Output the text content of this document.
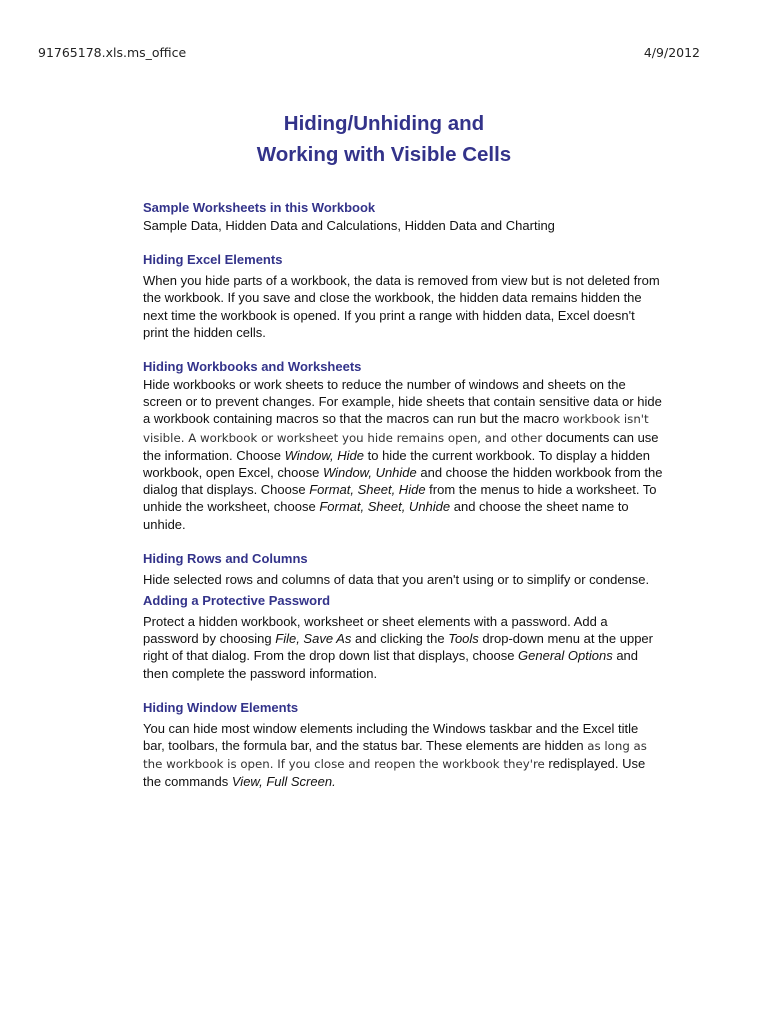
91765178.xls.ms_office	4/9/2012
Hiding/Unhiding and
Working with Visible Cells
Sample Worksheets in this Workbook
Sample Data, Hidden Data and Calculations, Hidden Data and Charting
Hiding Excel Elements
When you hide parts of a workbook, the data is removed from view but is not deleted from the workbook. If you save and close the workbook, the hidden data remains hidden the next time the workbook is opened. If you print a range with hidden data, Excel doesn't print the hidden cells.
Hiding Workbooks and Worksheets
Hide workbooks or work sheets to reduce the number of windows and sheets on the screen or to prevent changes. For example, hide sheets that contain sensitive data or hide a workbook containing macros so that the macros can run but the macro workbook isn't visible. A workbook or worksheet you hide remains open, and other documents can use the information. Choose Window, Hide to hide the current workbook. To display a hidden workbook, open Excel, choose Window, Unhide and choose the hidden workbook from the dialog that displays. Choose Format, Sheet, Hide from the menus to hide a worksheet. To unhide the worksheet, choose Format, Sheet, Unhide and choose the sheet name to unhide.
Hiding Rows and Columns
Hide selected rows and columns of data that you aren't using or to simplify or condense.
Adding a Protective Password
Protect a hidden workbook, worksheet or sheet elements with a password. Add a password by choosing File, Save As and clicking the Tools drop-down menu at the upper right of that dialog. From the drop down list that displays, choose General Options and then complete the password information.
Hiding Window Elements
You can hide most window elements including the Windows taskbar and the Excel title bar, toolbars, the formula bar, and the status bar. These elements are hidden as long as the workbook is open. If you close and reopen the workbook they're redisplayed. Use the commands View, Full Screen.
